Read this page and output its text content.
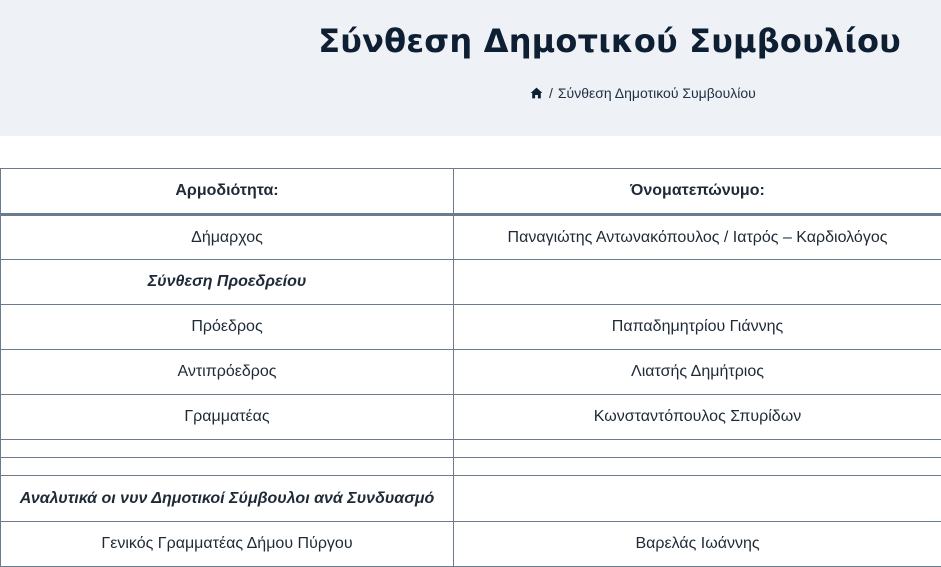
Σύνθεση Δημοτικού Συμβουλίου
/ Σύνθεση Δημοτικού Συμβουλίου
Αρμοδιότητα:	Όνοματεπώνυμο:
Δήμαρχος	Παναγιώτης Αντωνακόπουλος / Ιατρός – Καρδιολόγος
Σύνθεση Προεδρείου	
Πρόεδρος	Παπαδημητρίου Γιάννης
Αντιπρόεδρος	Λιατσής Δημήτριος
Γραμματέας	Κωνσταντόπουλος Σπυρίδων

Αναλυτικά οι νυν Δημοτικοί Σύμβουλοι ανά Συνδυασμό	
Γενικός Γραμματέας Δήμου Πύργου	Βαρελάς Ιωάννης
